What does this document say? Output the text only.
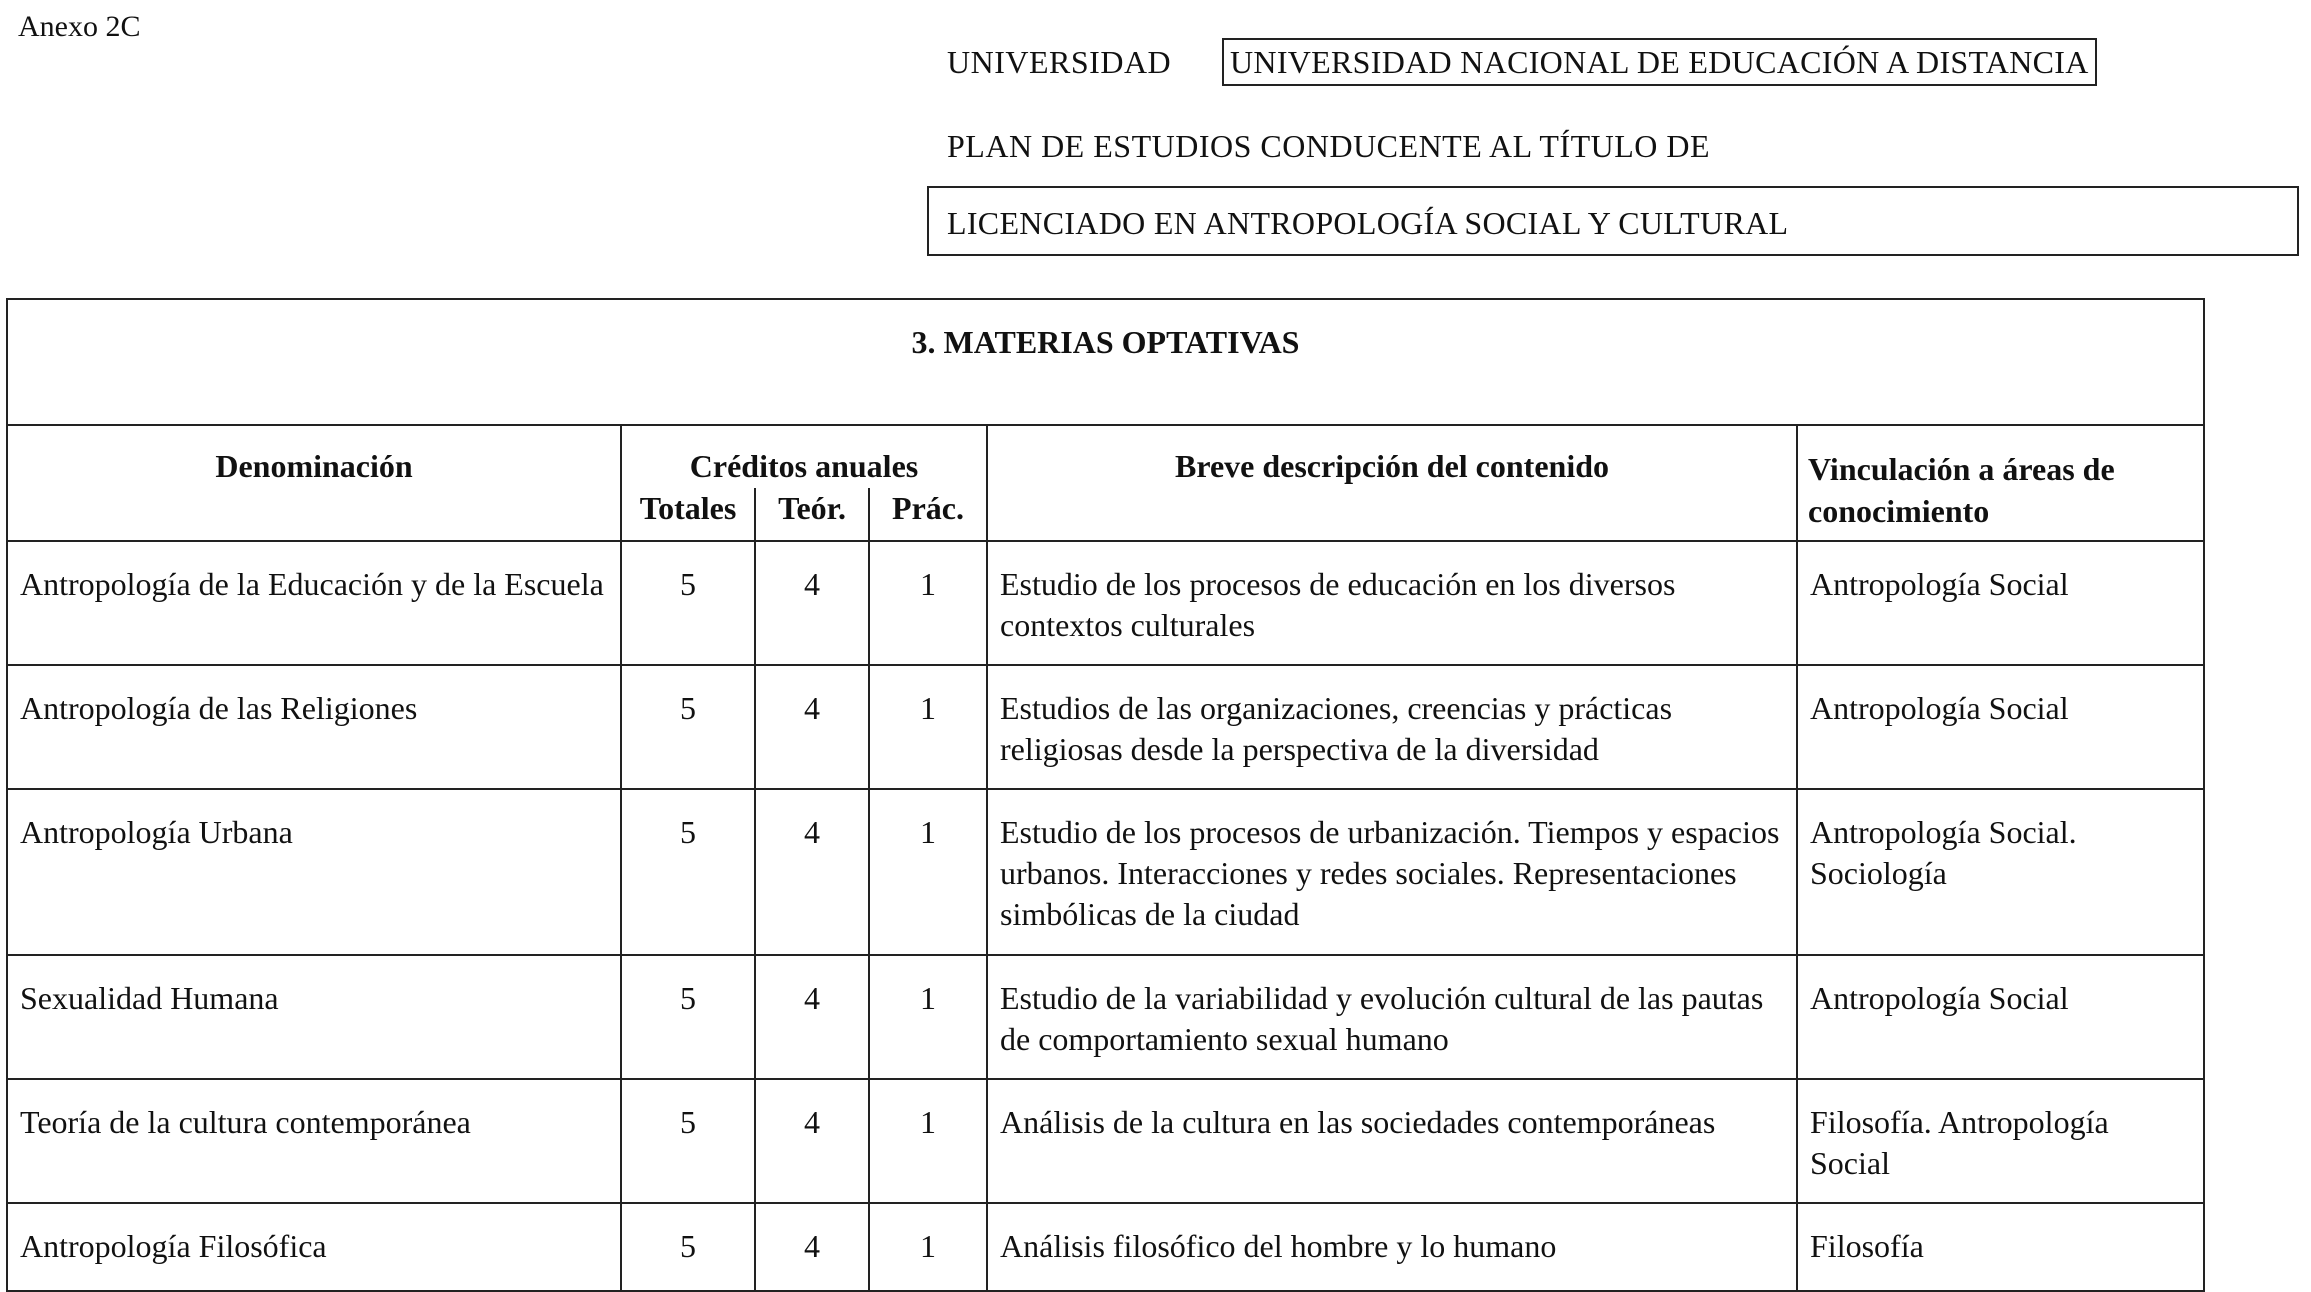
Anexo 2C
UNIVERSIDAD UNIVERSIDAD NACIONAL DE EDUCACIÓN A DISTANCIA
PLAN DE ESTUDIOS CONDUCENTE AL TÍTULO DE
LICENCIADO EN ANTROPOLOGÍA SOCIAL Y CULTURAL
3. MATERIAS OPTATIVAS					
Denominación	Créditos anuales			Breve descripción del contenido	Vinculación a áreas de conocimiento
	Totales	Teór.	Prác.		
Antropología de la Educación y de la Escuela	5	4	1	Estudio de los procesos de educación en los diversos contextos culturales	Antropología Social
Antropología de las Religiones	5	4	1	Estudios de las organizaciones, creencias y prácticas religiosas desde la perspectiva de la diversidad	Antropología Social
Antropología Urbana	5	4	1	Estudio de los procesos de urbanización. Tiempos y espacios urbanos. Interacciones y redes sociales. Representaciones simbólicas de la ciudad	Antropología Social. Sociología
Sexualidad Humana	5	4	1	Estudio de la variabilidad y evolución cultural de las pautas de comportamiento sexual humano	Antropología Social
Teoría de la cultura contemporánea	5	4	1	Análisis de la cultura en las sociedades contemporáneas	Filosofía. Antropología Social
Antropología Filosófica	5	4	1	Análisis filosófico del hombre y lo humano	Filosofía
